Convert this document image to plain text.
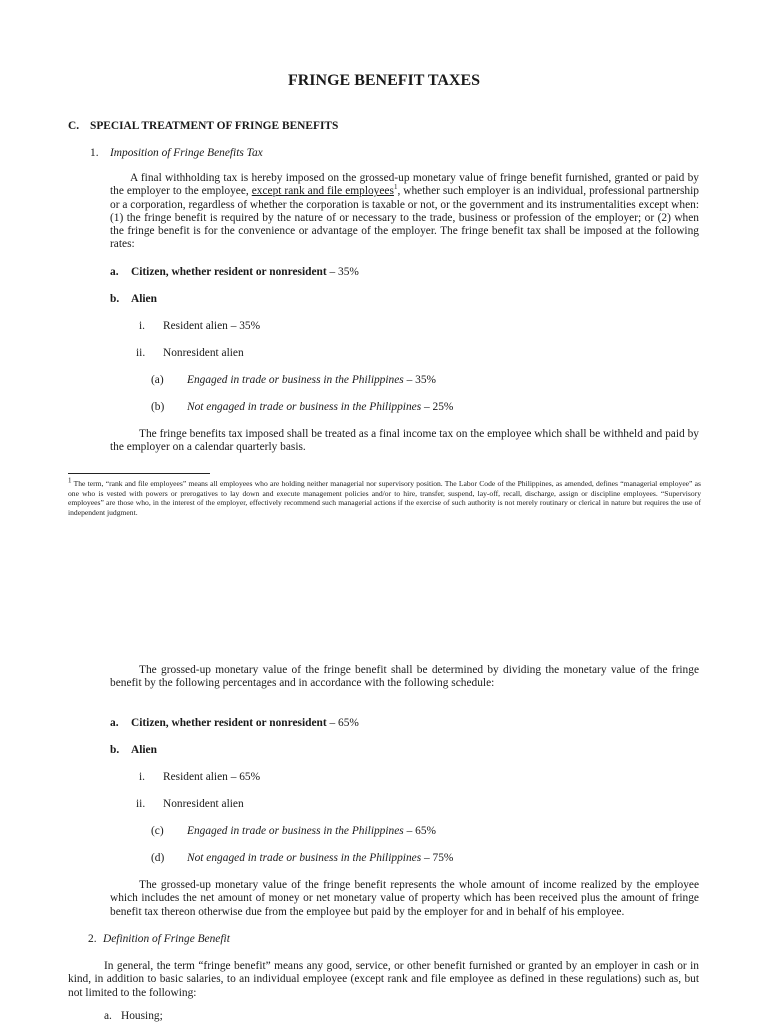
FRINGE BENEFIT TAXES
C. SPECIAL TREATMENT OF FRINGE BENEFITS
1. Imposition of Fringe Benefits Tax
A final withholding tax is hereby imposed on the grossed-up monetary value of fringe benefit furnished, granted or paid by the employer to the employee, except rank and file employees$^1$, whether such employer is an individual, professional partnership or a corporation, regardless of whether the corporation is taxable or not, or the government and its instrumentalities except when: (1) the fringe benefit is required by the nature of or necessary to the trade, business or profession of the employer; or (2) when the fringe benefit is for the convenience or advantage of the employer. The fringe benefit tax shall be imposed at the following rates:
a. Citizen, whether resident or nonresident – 35%
b. Alien
i. Resident alien – 35%
ii. Nonresident alien
(a) Engaged in trade or business in the Philippines – 35%
(b) Not engaged in trade or business in the Philippines – 25%
The fringe benefits tax imposed shall be treated as a final income tax on the employee which shall be withheld and paid by the employer on a calendar quarterly basis.
$^1$ The term, “rank and file employees” means all employees who are holding neither managerial nor supervisory position. The Labor Code of the Philippines, as amended, defines “managerial employee” as one who is vested with powers or prerogatives to lay down and execute management policies and/or to hire, transfer, suspend, lay-off, recall, discharge, assign or discipline employees. “Supervisory employees” are those who, in the interest of the employer, effectively recommend such managerial actions if the exercise of such authority is not merely routinary or clerical in nature but requires the use of independent judgment.
The grossed-up monetary value of the fringe benefit shall be determined by dividing the monetary value of the fringe benefit by the following percentages and in accordance with the following schedule:
a. Citizen, whether resident or nonresident – 65%
b. Alien
i. Resident alien – 65%
ii. Nonresident alien
(c) Engaged in trade or business in the Philippines – 65%
(d) Not engaged in trade or business in the Philippines – 75%
The grossed-up monetary value of the fringe benefit represents the whole amount of income realized by the employee which includes the net amount of money or net monetary value of property which has been received plus the amount of fringe benefit tax thereon otherwise due from the employee but paid by the employer for and in behalf of his employee.
2. Definition of Fringe Benefit
In general, the term “fringe benefit” means any good, service, or other benefit furnished or granted by an employer in cash or in kind, in addition to basic salaries, to an individual employee (except rank and file employee as defined in these regulations) such as, but not limited to the following:
a. Housing;
